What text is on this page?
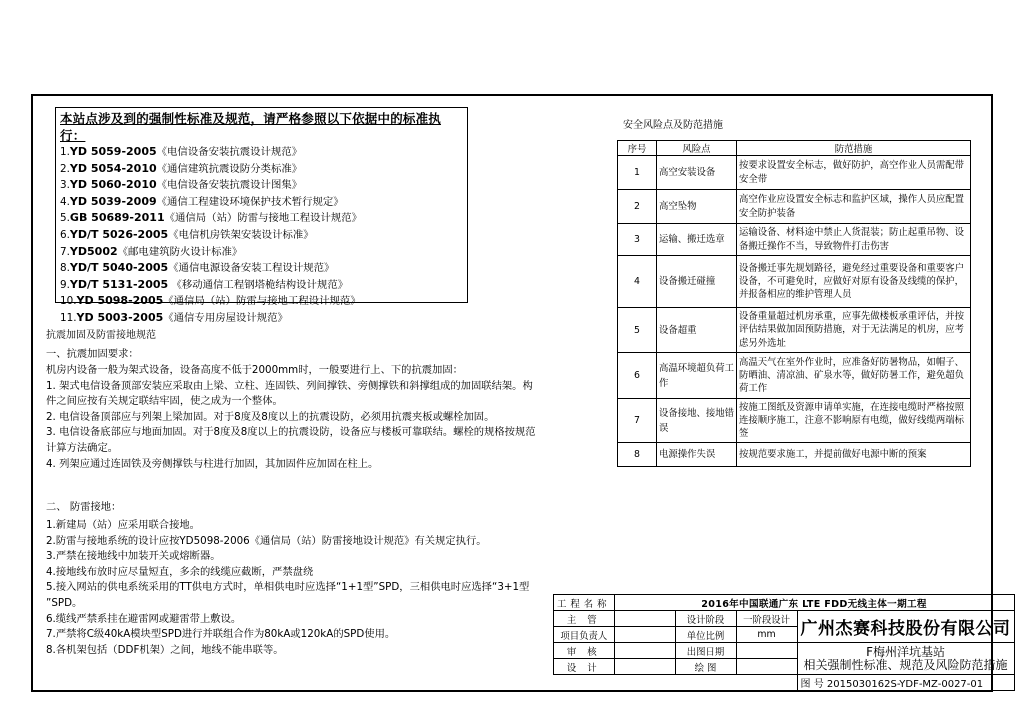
本站点涉及到的强制性标准及规范，请严格参照以下依据中的标准执行：
1.YD 5059-2005《电信设备安装抗震设计规范》
2.YD 5054-2010《通信建筑抗震设防分类标准》
3.YD 5060-2010《电信设备安装抗震设计图集》
4.YD 5039-2009《通信工程建设环境保护技术暂行规定》
5.GB 50689-2011《通信局（站）防雷与接地工程设计规范》
6.YD/T 5026-2005《电信机房铁架安装设计标准》
7.YD5002《邮电建筑防火设计标准》
8.YD/T 5040-2005《通信电源设备安装工程设计规范》
9.YD/T 5131-2005 《移动通信工程钢塔桅结构设计规范》
10.YD 5098-2005《通信局（站）防雷与接地工程设计规范》
11.YD 5003-2005《通信专用房屋设计规范》
抗震加固及防雷接地规范
一、抗震加固要求：
机房内设备一般为架式设备，设备高度不低于2000mm时，一般要进行上、下的抗震加固：
1. 架式电信设备顶部安装应采取由上梁、立柱、连固铁、列间撑铁、旁侧撑铁和斜撑组成的加固联结架。构
件之间应按有关规定联结牢固，使之成为一个整体。
2. 电信设备顶部应与列架上梁加固。对于8度及8度以上的抗震设防，必须用抗震夹板或螺栓加固。
3. 电信设备底部应与地面加固。对于8度及8度以上的抗震设防，设备应与楼板可靠联结。螺栓的规格按规范
计算方法确定。
4. 列架应通过连固铁及旁侧撑铁与柱进行加固，其加固件应加固在柱上。
二、 防雷接地：
1.新建局（站）应采用联合接地。
2.防雷与接地系统的设计应按YD5098-2006《通信局（站）防雷接地设计规范》有关规定执行。
3.严禁在接地线中加装开关或熔断器。
4.接地线布放时应尽量短直，多余的线缆应截断，严禁盘绕
5.接入网站的供电系统采用的TT供电方式时，单相供电时应选择“1+1型”SPD，三相供电时应选择“3+1型
”SPD。
6.缆线严禁系挂在避雷网或避雷带上敷设。
7.严禁将C级40kA模块型SPD进行并联组合作为80kA或120kA的SPD使用。
8.各机架包括（DDF机架）之间，地线不能串联等。
安全风险点及防范措施
序号	风险点	防范措施
1	高空安装设备	按要求设置安全标志，做好防护，高空作业人员需配带安全带
2	高空坠物	高空作业应设置安全标志和监护区域，操作人员应配置安全防护装备
3	运输、搬迁选章	运输设备、材料途中禁止人货混装；防止起重吊物、设备搬迁操作不当，导致物件打击伤害
4	设备搬迁碰撞	设备搬迁事先规划路径，避免经过重要设备和重要客户设备，不可避免时，应做好对原有设备及线缆的保护，并报备相应的维护管理人员
5	设备超重	设备重量超过机房承重，应事先做楼板承重评估，并按评估结果做加固预防措施，对于无法满足的机房，应考虑另外选址
6	高温环境超负荷工作	高温天气在室外作业时，应准备好防暑物品，如帽子、防晒油、清凉油、矿泉水等，做好防暑工作，避免超负荷工作
7	设备接地、接地错误	按施工图纸及资源申请单实施，在连接电缆时严格按照连接顺序施工，注意不影响原有电缆，做好线缆两端标签
8	电源操作失误	按规范要求施工，并提前做好电源中断的预案
工程名称	2016年中国联通广东 LTE FDD无线主体一期工程			
主 管		设计阶段	一阶段设计	广州杰赛科技股份有限公司
项目负责人		单位比例	mm	
审 核		出图日期		F梅州洋坑基站
相关强制性标准、规范及风险防范措施

设 计		绘 图		
				图 号 2015030162S-YDF-MZ-0027-01
